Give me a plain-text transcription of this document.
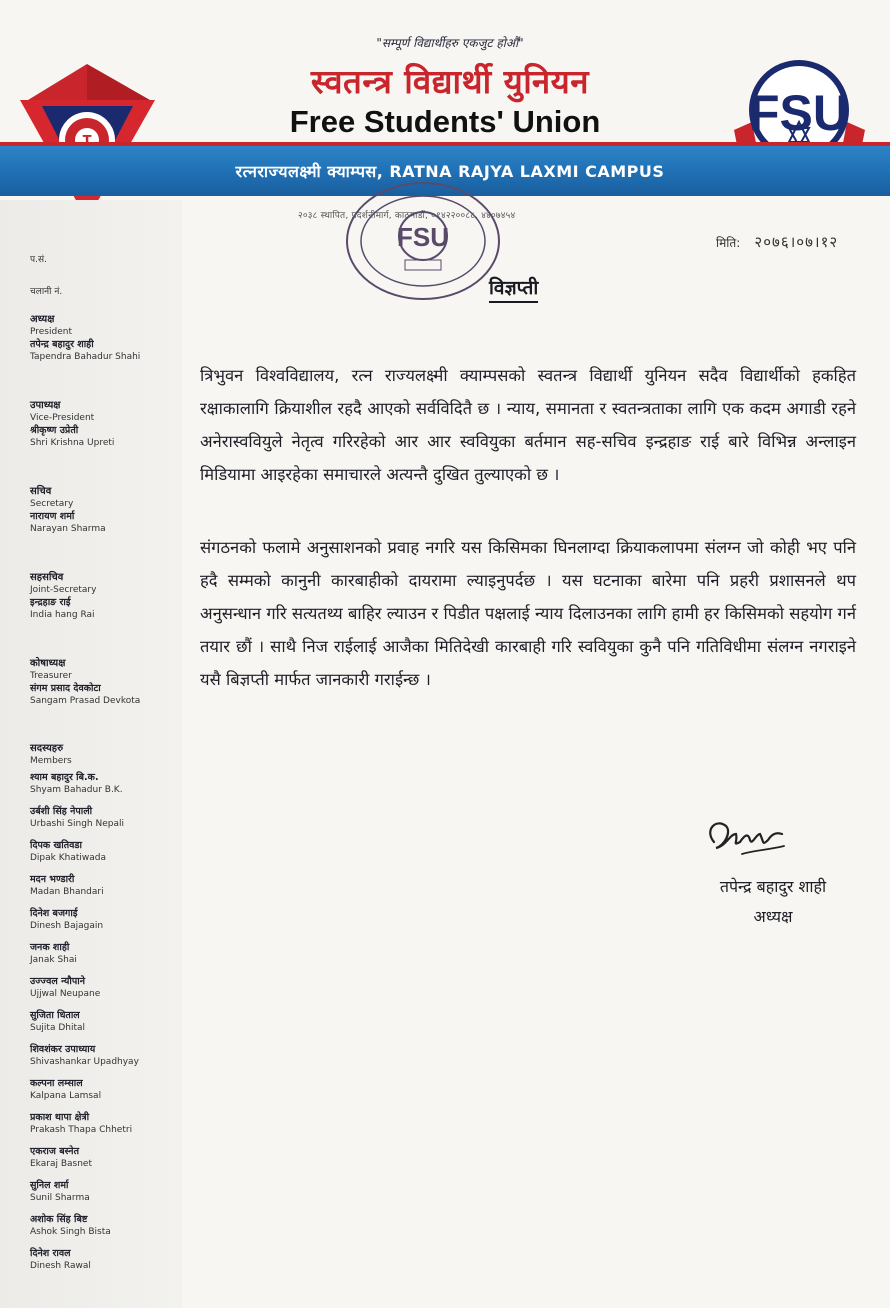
FSU
"सम्पूर्ण विद्यार्थीहरु एकजुट होऔं"
स्वतन्त्र विद्यार्थी युनियन
Free Students' Union
रत्नराज्यलक्ष्मी क्याम्पस, RATNA RAJYA LAXMI CAMPUS
२०३८ स्थापित, प्रदर्शनीमार्ग, काठमाडौं, ०१४२२००८८, ४४०७४५४
FSU	मिति: २०७६।०७।१२
प.सं.
चलानी नं.
अध्यक्ष
President
तपेन्द्र बहादुर शाही
Tapendra Bahadur Shahi
उपाध्यक्ष
Vice-President
श्रीकृष्ण उप्रेती
Shri Krishna Upreti
सचिव
Secretary
नारायण शर्मा
Narayan Sharma
सहसचिव
Joint-Secretary
इन्द्रहाङ राई
India hang Rai
कोषाध्यक्ष
Treasurer
संगम प्रसाद देवकोटा
Sangam Prasad Devkota
सदस्यहरु
Members
श्याम बहादुर बि.क.
Shyam Bahadur B.K.
उर्बशी सिंह नेपाली
Urbashi Singh Nepali
दिपक खतिवडा
Dipak Khatiwada
मदन भण्डारी
Madan Bhandari
दिनेश बजगाई
Dinesh Bajagain
जनक शाही
Janak Shai
उज्ज्वल न्यौपाने
Ujjwal Neupane
सुजिता धिताल
Sujita Dhital
शिवशंकर उपाध्याय
Shivashankar Upadhyay
कल्पना लम्साल
Kalpana Lamsal
प्रकाश थापा क्षेत्री
Prakash Thapa Chhetri
एकराज बस्नेत
Ekaraj Basnet
सुनिल शर्मा
Sunil Sharma
अशोक सिंह बिष्ट
Ashok Singh Bista
दिनेश रावल
Dinesh Rawal
विज्ञप्ती
त्रिभुवन विश्वविद्यालय, रत्न राज्यलक्ष्मी क्याम्पसको स्वतन्त्र विद्यार्थी युनियन सदैव विद्यार्थीको हकहित रक्षाकालागि क्रियाशील रहदै आएको सर्वविदितै छ । न्याय, समानता र स्वतन्त्रताका लागि एक कदम अगाडी रहने अनेरास्ववियुले नेतृत्व गरिरहेको आर आर स्ववियुका बर्तमान सह-सचिव इन्द्रहाङ राई बारे विभिन्न अन्लाइन मिडियामा आइरहेका समाचारले अत्यन्तै दुखित तुल्याएको छ ।
संगठनको फलामे अनुसाशनको प्रवाह नगरि यस किसिमका घिनलाग्दा क्रियाकलापमा संलग्न जो कोही भए पनि हदै सम्मको कानुनी कारबाहीको दायरामा ल्याइनुपर्दछ । यस घटनाका बारेमा पनि प्रहरी प्रशासनले थप अनुसन्धान गरि सत्यतथ्य बाहिर ल्याउन र पिडीत पक्षलाई न्याय दिलाउनका लागि हामी हर किसिमको सहयोग गर्न तयार छौं । साथै निज राईलाई आजैका मितिदेखी कारबाही गरि स्ववियुका कुनै पनि गतिविधीमा संलग्न नगराइने यसै बिज्ञप्ती मार्फत जानकारी गराईन्छ ।
तपेन्द्र बहादुर शाही
अध्यक्ष
